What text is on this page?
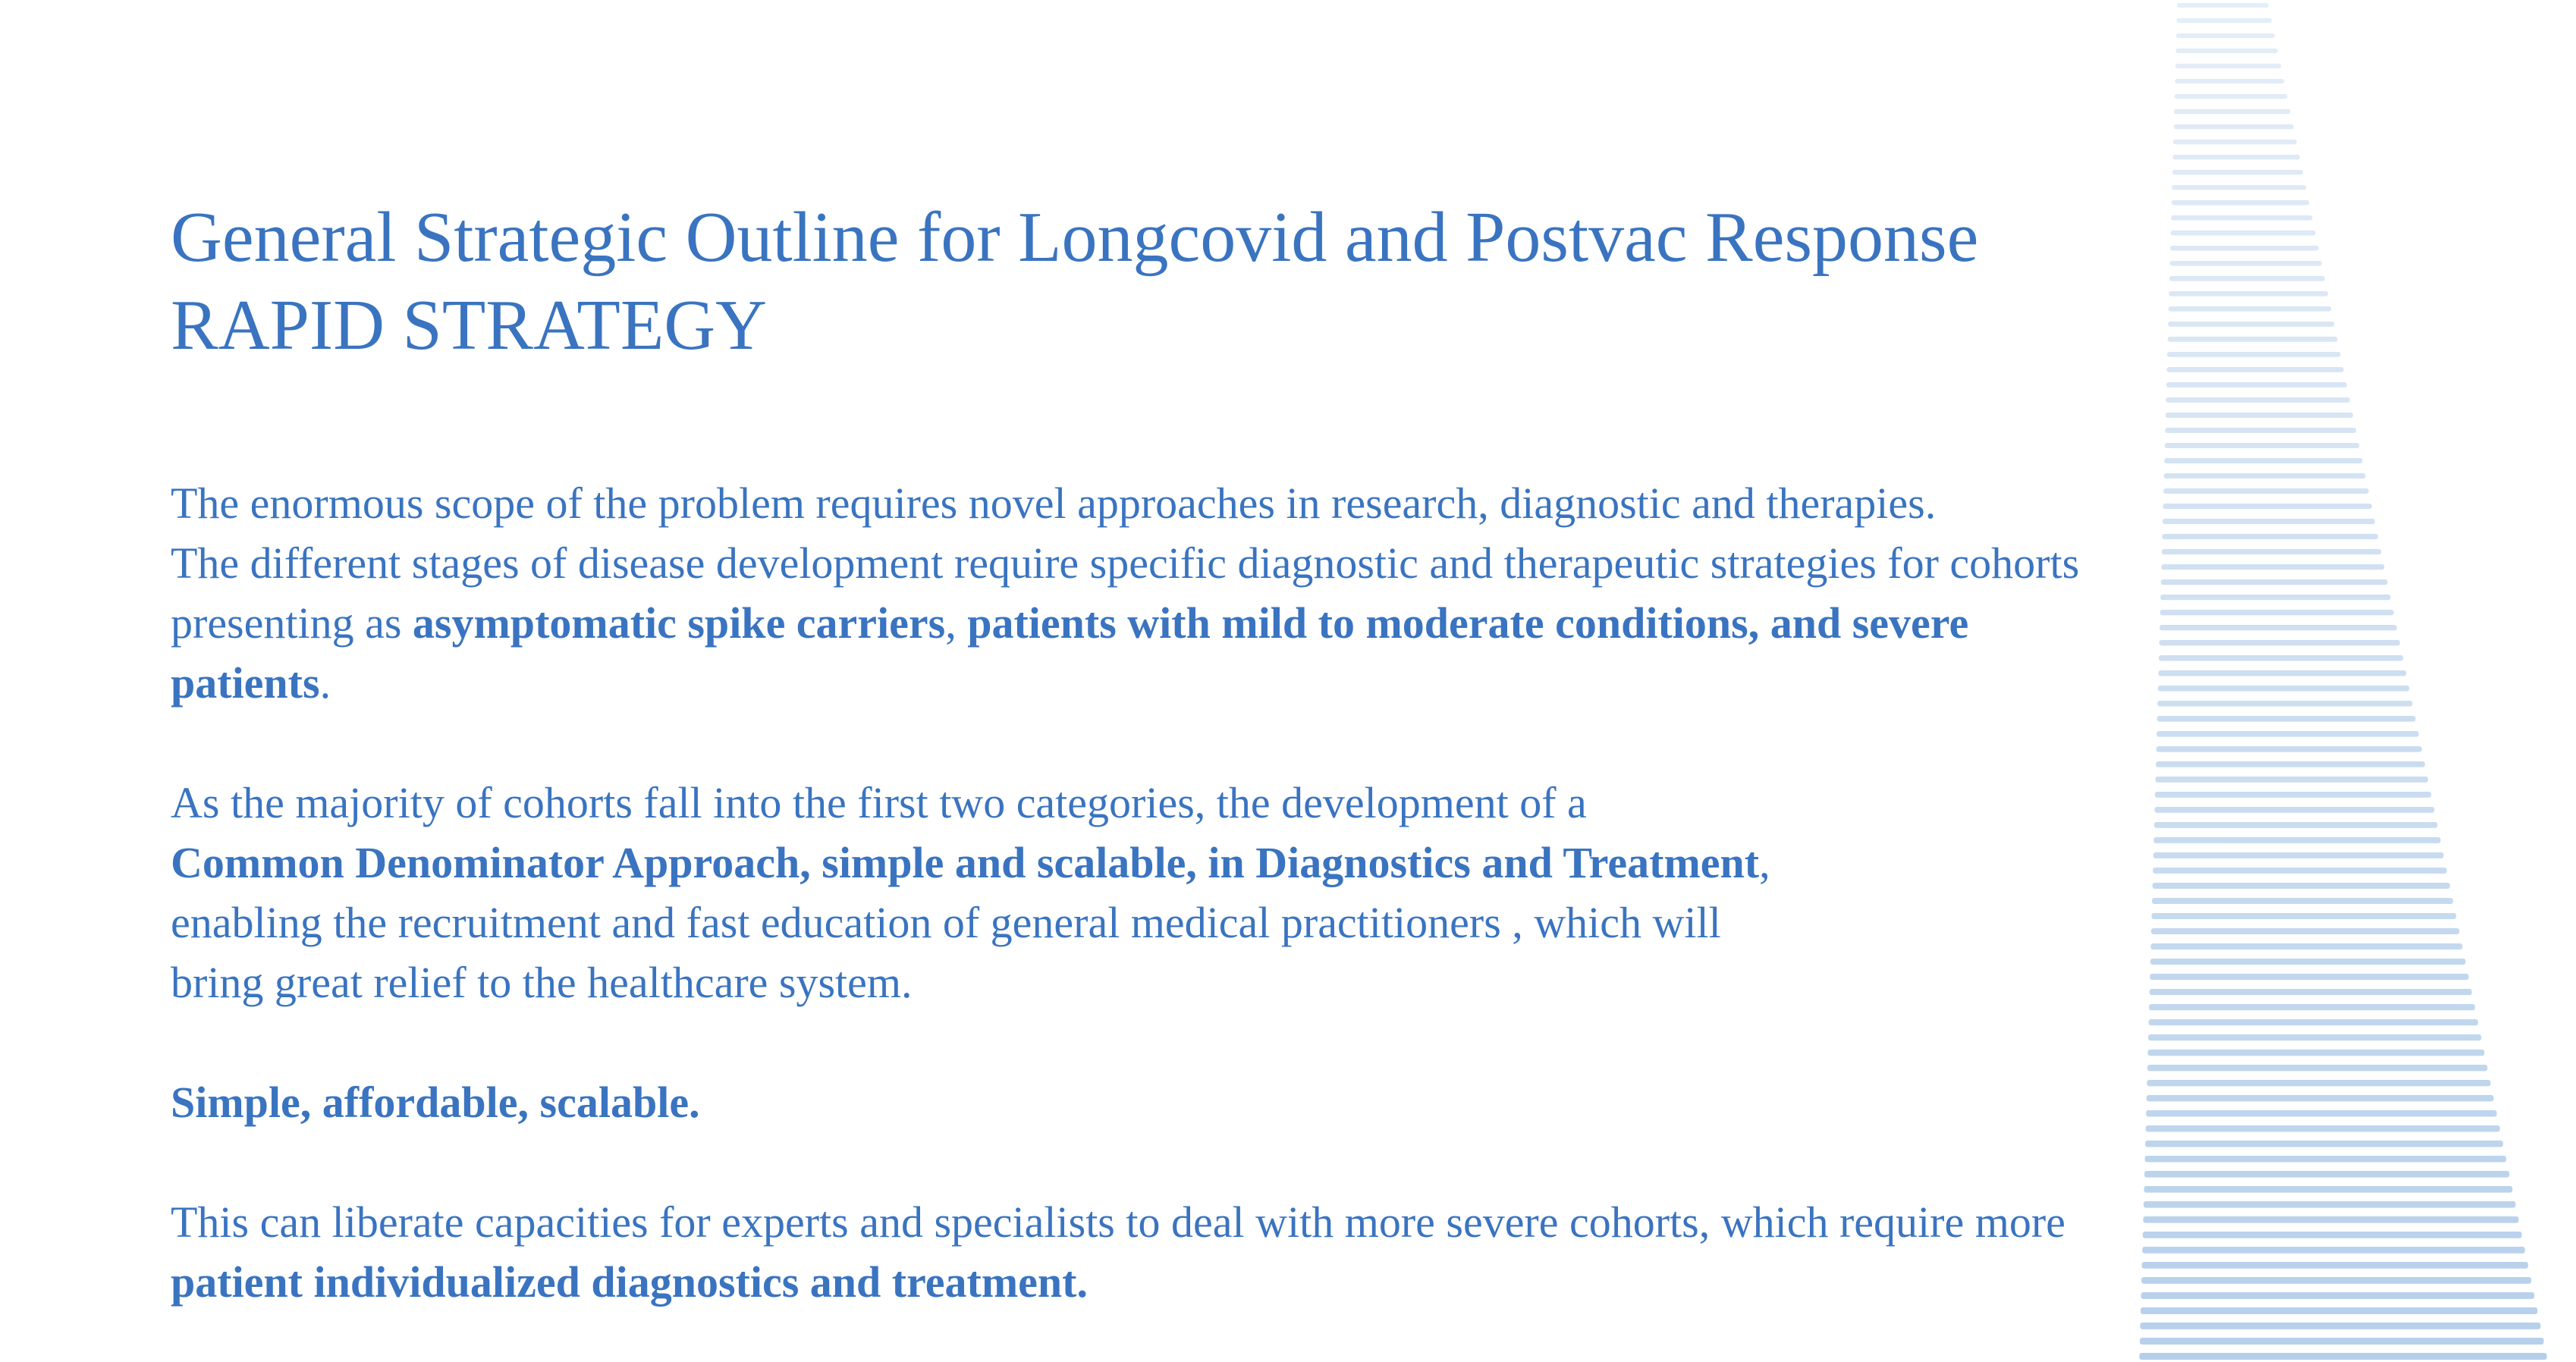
General Strategic Outline for Longcovid and Postvac Response
RAPID STRATEGY

The enormous scope of the problem requires novel approaches in research, diagnostic and therapies.
The different stages of disease development require specific diagnostic and therapeutic strategies for cohorts
presenting as asymptomatic spike carriers, patients with mild to moderate conditions, and severe
patients.

As the majority of cohorts fall into the first two categories, the development of a
Common Denominator Approach, simple and scalable, in Diagnostics and Treatment,
enabling the recruitment and fast education of general medical practitioners , which will
bring great relief to the healthcare system.

Simple, affordable, scalable.

This can liberate capacities for experts and specialists to deal with more severe cohorts, which require more
patient individualized diagnostics and treatment.
